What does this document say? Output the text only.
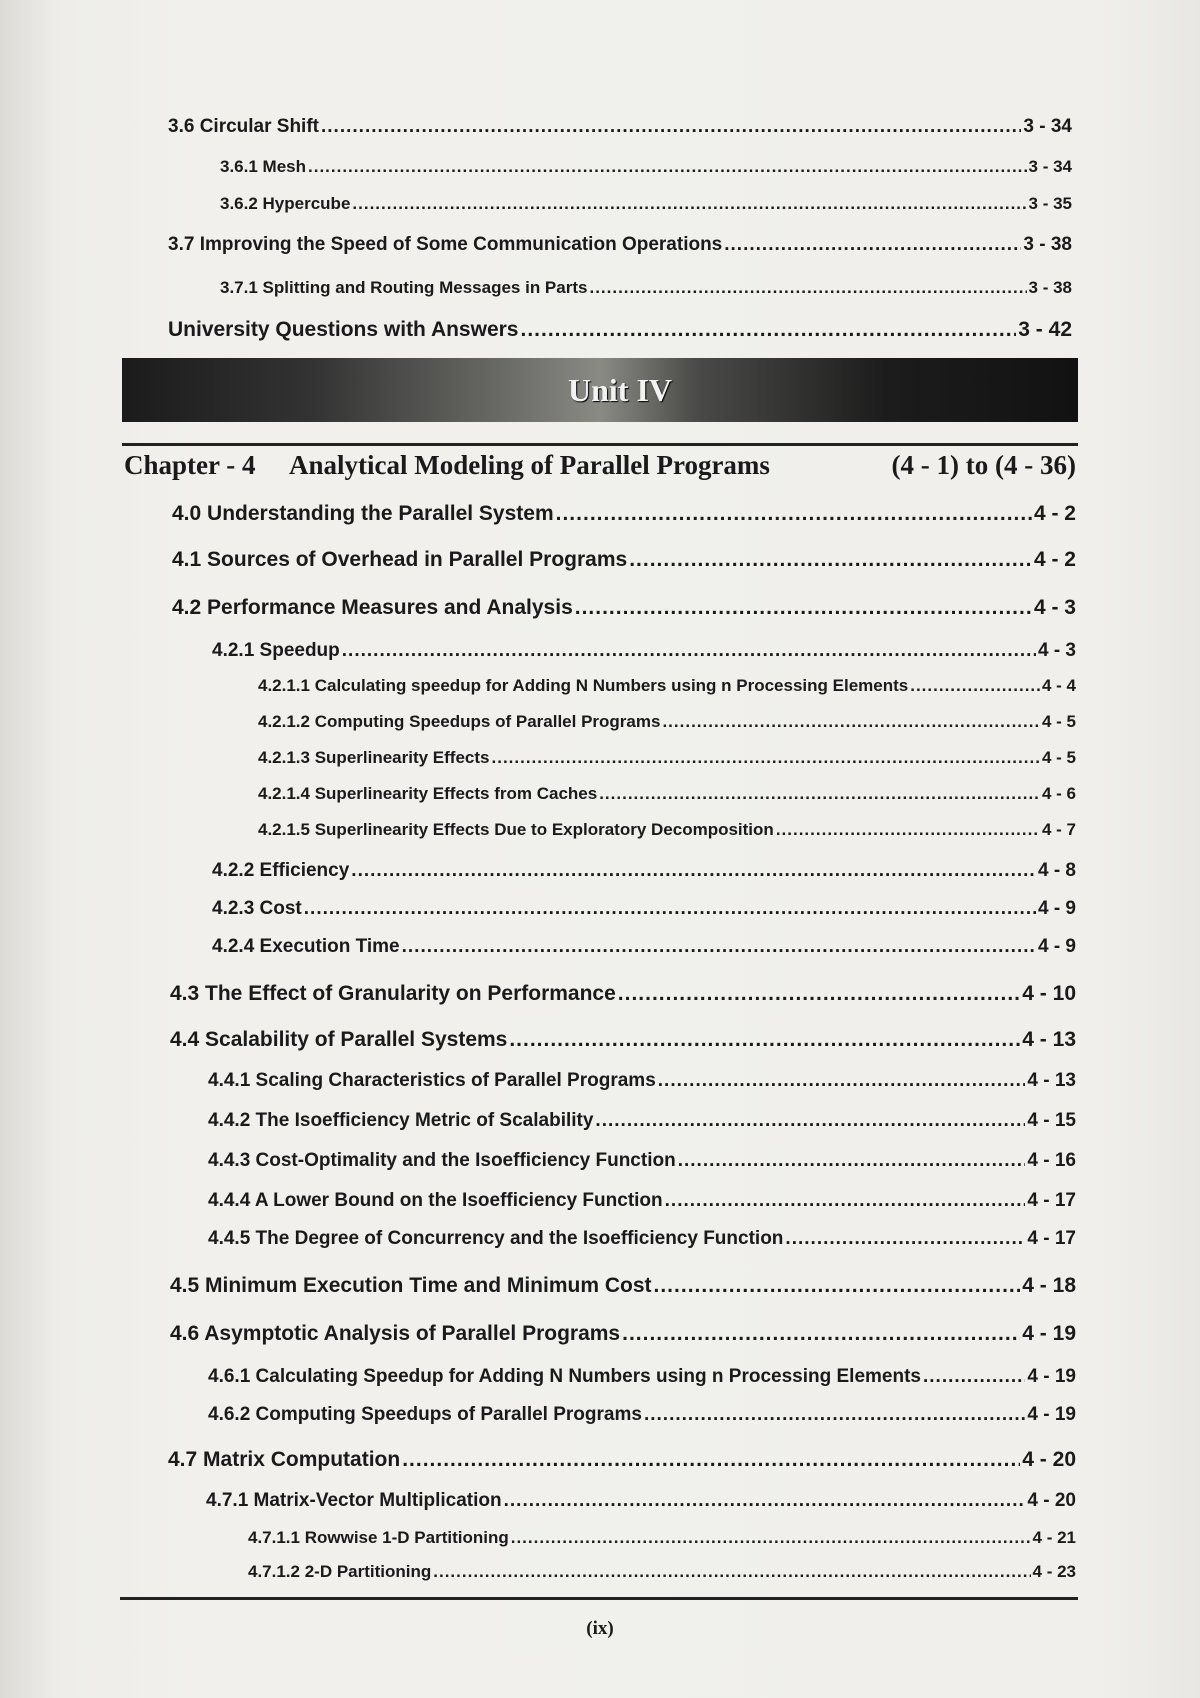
3.6 Circular Shift .....	3 - 34
3.6.1 Mesh .....	3 - 34
3.6.2 Hypercube .....	3 - 35
3.7 Improving the Speed of Some Communication Operations .....	3 - 38
3.7.1 Splitting and Routing Messages in Parts .....	3 - 38
University Questions with Answers .....	3 - 42
Unit IV
Chapter - 4	Analytical Modeling of Parallel Programs	(4 - 1) to (4 - 36)
4.0 Understanding the Parallel System .....	4 - 2
4.1 Sources of Overhead in Parallel Programs .....	4 - 2
4.2 Performance Measures and Analysis .....	4 - 3
4.2.1 Speedup .....	4 - 3
4.2.1.1 Calculating speedup for Adding N Numbers using n Processing Elements .....	4 - 4
4.2.1.2 Computing Speedups of Parallel Programs .....	4 - 5
4.2.1.3 Superlinearity Effects .....	4 - 5
4.2.1.4 Superlinearity Effects from Caches .....	4 - 6
4.2.1.5 Superlinearity Effects Due to Exploratory Decomposition .....	4 - 7
4.2.2 Efficiency .....	4 - 8
4.2.3 Cost .....	4 - 9
4.2.4 Execution Time .....	4 - 9
4.3 The Effect of Granularity on Performance .....	4 - 10
4.4 Scalability of Parallel Systems .....	4 - 13
4.4.1 Scaling Characteristics of Parallel Programs .....	4 - 13
4.4.2 The Isoefficiency Metric of Scalability .....	4 - 15
4.4.3 Cost-Optimality and the Isoefficiency Function .....	4 - 16
4.4.4 A Lower Bound on the Isoefficiency Function .....	4 - 17
4.4.5 The Degree of Concurrency and the Isoefficiency Function .....	4 - 17
4.5 Minimum Execution Time and Minimum Cost .....	4 - 18
4.6 Asymptotic Analysis of Parallel Programs .....	4 - 19
4.6.1 Calculating Speedup for Adding N Numbers using n Processing Elements .....	4 - 19
4.6.2 Computing Speedups of Parallel Programs .....	4 - 19
4.7 Matrix Computation .....	4 - 20
4.7.1 Matrix-Vector Multiplication .....	4 - 20
4.7.1.1 Rowwise 1-D Partitioning .....	4 - 21
4.7.1.2 2-D Partitioning .....	4 - 23
(ix)
